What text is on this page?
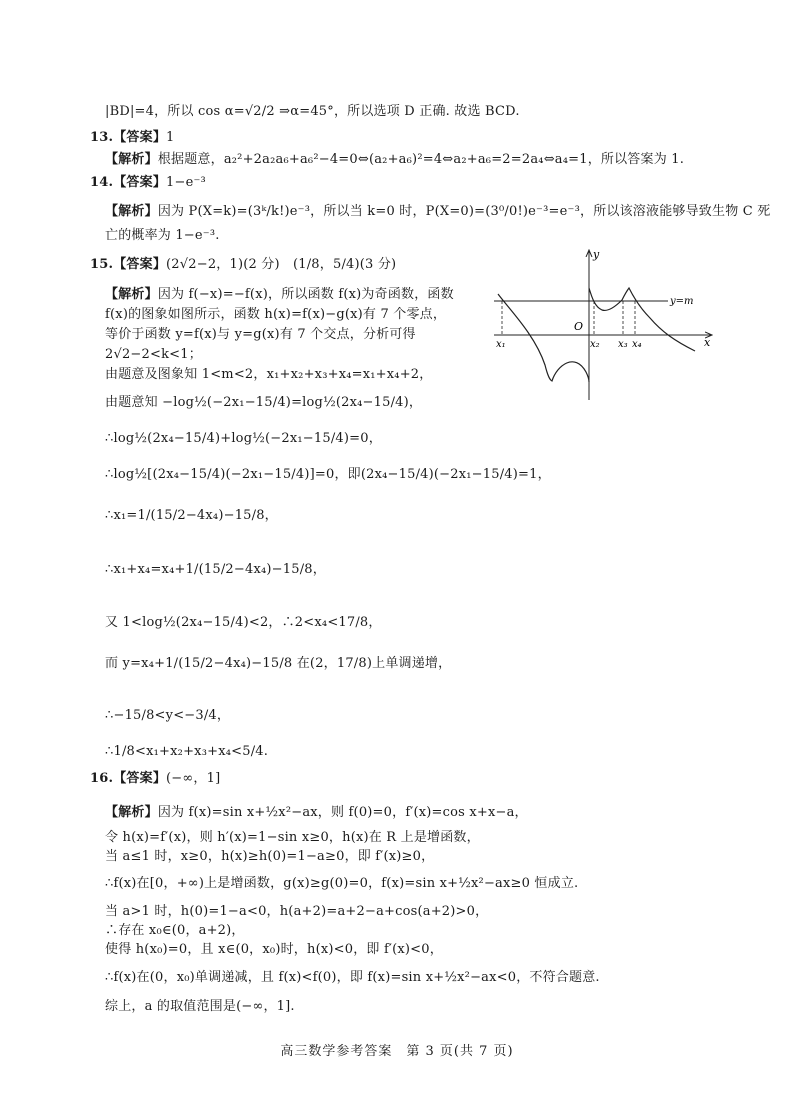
|BD|=4，所以 cos α=√2/2 ⇒α=45°，所以选项 D 正确. 故选 BCD.
13. 【 答案 】 1
【 解析 】 根据题意，a₂²+2a₂a₆+a₆²−4=0⇔(a₂+a₆)²=4⇔a₂+a₆=2=2a₄⇔a₄=1，所以答案为 1.
14. 【 答案 】 1−e⁻³
【 解析 】 因为 P(X=k)=(3ᵏ/k!)e⁻³，所以当 k=0 时，P(X=0)=(3⁰/0!)e⁻³=e⁻³，所以该溶液能够导致生物 C 死
亡的概率为 1−e⁻³.
15. 【 答案 】 (2√2−2，1)(2 分)　(1/8，5/4)(3 分)
【 解析 】 因为 f(−x)=−f(x)，所以函数 f(x)为奇函数，函数
f(x)的图象如图所示，函数 h(x)=f(x)−g(x)有 7 个零点，
等价于函数 y=f(x)与 y=g(x)有 7 个交点，分析可得
2√2−2<k<1；
由题意及图象知 1<m<2，x₁+x₂+x₃+x₄=x₁+x₄+2，
由题意知 −log½(−2x₁−15/4)=log½(2x₄−15/4)，
∴log½(2x₄−15/4)+log½(−2x₁−15/4)=0，
∴log½[(2x₄−15/4)(−2x₁−15/4)]=0，即(2x₄−15/4)(−2x₁−15/4)=1，
∴x₁=1/(15/2−4x₄)−15/8，
∴x₁+x₄=x₄+1/(15/2−4x₄)−15/8，
又 1<log½(2x₄−15/4)<2，∴2<x₄<17/8，
而 y=x₄+1/(15/2−4x₄)−15/8 在(2，17/8)上单调递增，
∴−15/8<y<−3/4，
∴1/8<x₁+x₂+x₃+x₄<5/4.
16. 【 答案 】 (−∞，1]
【 解析 】 因为 f(x)=sin x+½x²−ax，则 f(0)=0，f′(x)=cos x+x−a，
令 h(x)=f′(x)，则 h′(x)=1−sin x≥0，h(x)在 R 上是增函数，
当 a≤1 时，x≥0，h(x)≥h(0)=1−a≥0，即 f′(x)≥0，
∴f(x)在[0，+∞)上是增函数，g(x)≥g(0)=0，f(x)=sin x+½x²−ax≥0 恒成立.
当 a>1 时，h(0)=1−a<0，h(a+2)=a+2−a+cos(a+2)>0，
∴存在 x₀∈(0，a+2)，
使得 h(x₀)=0，且 x∈(0，x₀)时，h(x)<0，即 f′(x)<0，
∴f(x)在(0，x₀)单调递减，且 f(x)<f(0)，即 f(x)=sin x+½x²−ax<0，不符合题意.
综上，a 的取值范围是(−∞，1].
y
x
O
y=m
x₁	x₂ x₃ x₄
高三数学参考答案　第 3 页(共 7 页)
